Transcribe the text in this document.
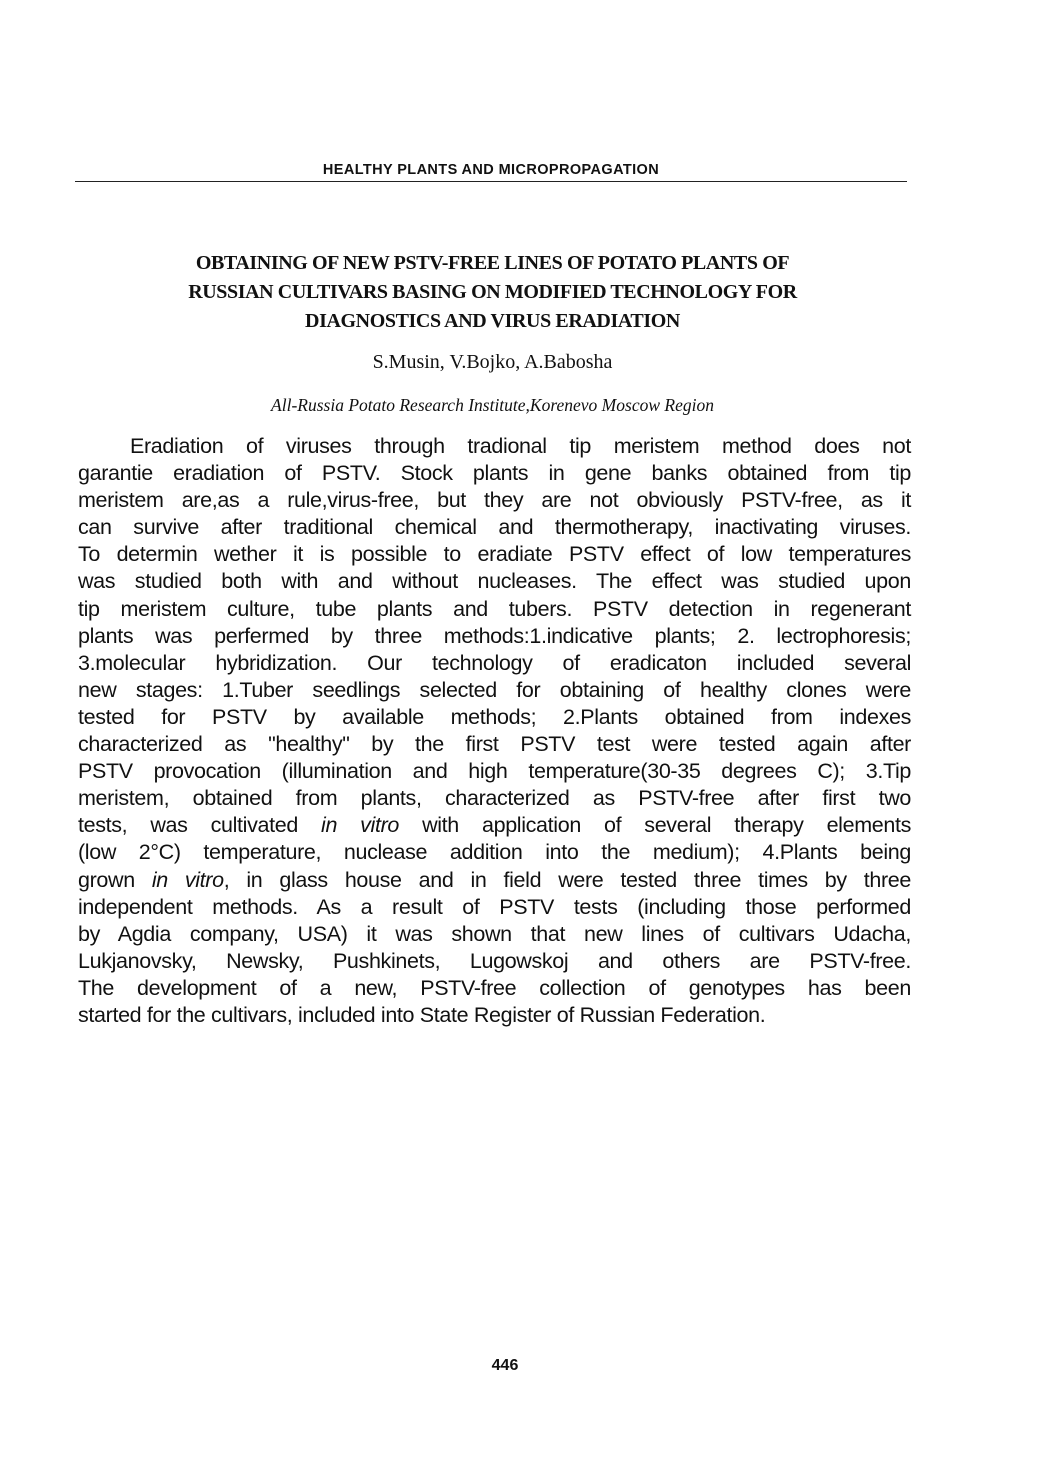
HEALTHY PLANTS AND MICROPROPAGATION
OBTAINING OF NEW PSTV-FREE LINES OF POTATO PLANTS OF
RUSSIAN CULTIVARS BASING ON MODIFIED TECHNOLOGY FOR
DIAGNOSTICS AND VIRUS ERADIATION
S.Musin, V.Bojko, A.Babosha
All-Russia Potato Research Institute,Korenevo Moscow Region
Eradiation of viruses through tradional tip meristem method does not
garantie eradiation of PSTV. Stock plants in gene banks obtained from tip
meristem are,as a rule,virus-free, but they are not obviously PSTV-free, as it
can survive after traditional chemical and thermotherapy, inactivating viruses.
To determin wether it is possible to eradiate PSTV effect of low temperatures
was studied both with and without nucleases. The effect was studied upon
tip meristem culture, tube plants and tubers. PSTV detection in regenerant
plants was perfermed by three methods:1.indicative plants; 2. lectrophoresis;
3.molecular hybridization. Our technology of eradicaton included several
new stages: 1.Tuber seedlings selected for obtaining of healthy clones were
tested for PSTV by available methods; 2.Plants obtained from indexes
characterized as "healthy" by the first PSTV test were tested again after
PSTV provocation (illumination and high temperature(30-35 degrees C); 3.Tip
meristem, obtained from plants, characterized as PSTV-free after first two
tests, was cultivated in vitro with application of several therapy elements
(low 2°C) temperature, nuclease addition into the medium); 4.Plants being
grown in vitro, in glass house and in field were tested three times by three
independent methods. As a result of PSTV tests (including those performed
by Agdia company, USA) it was shown that new lines of cultivars Udacha,
Lukjanovsky, Newsky, Pushkinets, Lugowskoj and others are PSTV-free.
The development of a new, PSTV-free collection of genotypes has been
started for the cultivars, included into State Register of Russian Federation.
446
